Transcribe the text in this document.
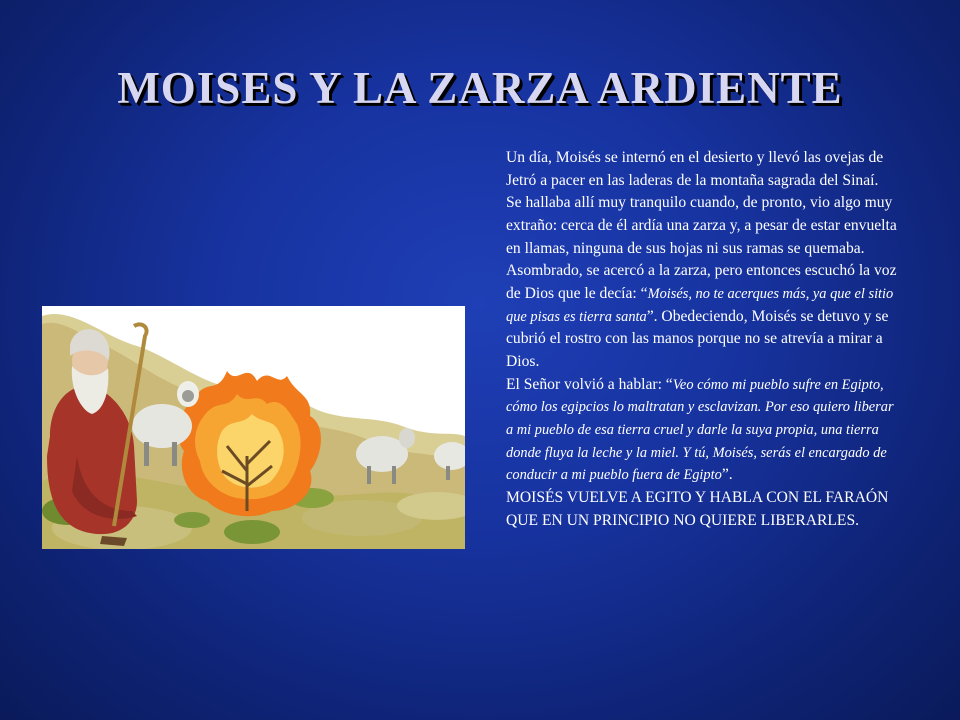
MOISES Y LA ZARZA ARDIENTE

Un día, Moisés se internó en el desierto y llevó las ovejas de Jetró a pacer en las laderas de la montaña sagrada del Sinaí.

Se hallaba allí muy tranquilo cuando, de pronto, vio algo muy extraño: cerca de él ardía una zarza y, a pesar de estar envuelta en llamas, ninguna de sus hojas ni sus ramas se quemaba. Asombrado, se acercó a la zarza, pero entonces escuchó la voz de Dios que le decía: “Moisés, no te acerques más, ya que el sitio que pisas es tierra santa”. Obedeciendo, Moisés se detuvo y se cubrió el rostro con las manos porque no se atrevía a mirar a Dios.

El Señor volvió a hablar: “Veo cómo mi pueblo sufre en Egipto, cómo los egipcios lo maltratan y esclavizan. Por eso quiero liberar a mi pueblo de esa tierra cruel y darle la suya propia, una tierra donde fluya la leche y la miel. Y tú, Moisés, serás el encargado de conducir a mi pueblo fuera de Egipto”.

MOISÉS VUELVE A EGITO Y HABLA CON EL FARAÓN QUE EN UN PRINCIPIO NO QUIERE LIBERARLES.
